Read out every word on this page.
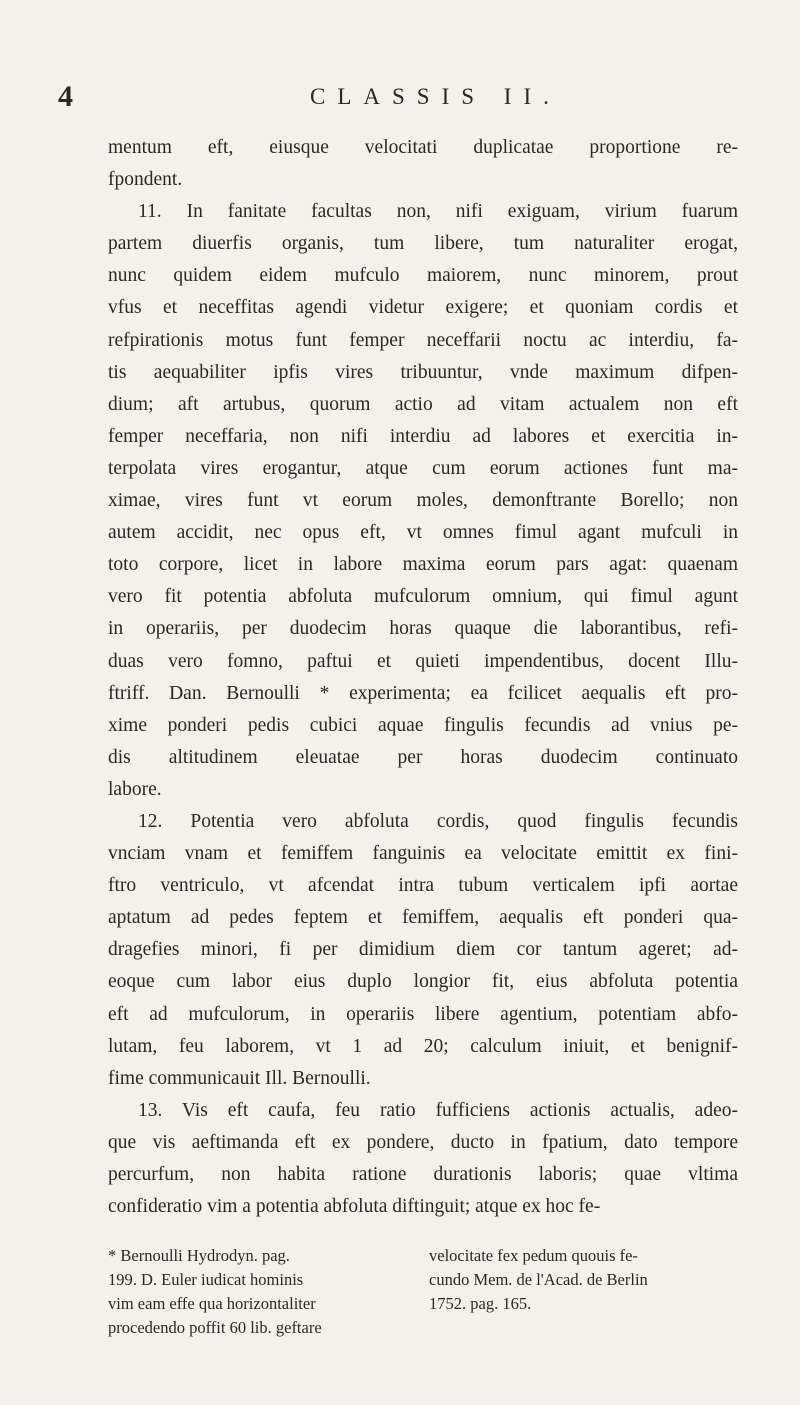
4	CLASSIS II.

mentum eft, eiusque velocitati duplicatae proportione re-
fpondent.

11. In fanitate facultas non, nifi exiguam, virium fuarum
partem diuerfis organis, tum libere, tum naturaliter erogat,
nunc quidem eidem mufculo maiorem, nunc minorem, prout
vfus et neceffitas agendi videtur exigere; et quoniam cordis et
refpirationis motus funt femper neceffarii noctu ac interdiu, fa-
tis aequabiliter ipfis vires tribuuntur, vnde maximum difpen-
dium; aft artubus, quorum actio ad vitam actualem non eft
femper neceffaria, non nifi interdiu ad labores et exercitia in-
terpolata vires erogantur, atque cum eorum actiones funt ma-
ximae, vires funt vt eorum moles, demonftrante Borello; non
autem accidit, nec opus eft, vt omnes fimul agant mufculi in
toto corpore, licet in labore maxima eorum pars agat: quaenam
vero fit potentia abfoluta mufculorum omnium, qui fimul agunt
in operariis, per duodecim horas quaque die laborantibus, refi-
duas vero fomno, paftui et quieti impendentibus, docent Illu-
ftriff. Dan. Bernoulli * experimenta; ea fcilicet aequalis eft pro-
xime ponderi pedis cubici aquae fingulis fecundis ad vnius pe-
dis altitudinem eleuatae per horas duodecim continuato
labore.

12. Potentia vero abfoluta cordis, quod fingulis fecundis
vnciam vnam et femiffem fanguinis ea velocitate emittit ex fini-
ftro ventriculo, vt afcendat intra tubum verticalem ipfi aortae
aptatum ad pedes feptem et femiffem, aequalis eft ponderi qua-
dragefies minori, fi per dimidium diem cor tantum ageret; ad-
eoque cum labor eius duplo longior fit, eius abfoluta potentia
eft ad mufculorum, in operariis libere agentium, potentiam abfo-
lutam, feu laborem, vt 1 ad 20; calculum iniuit, et benignif-
fime communicauit Ill. Bernoulli.

13. Vis eft caufa, feu ratio fufficiens actionis actualis, adeo-
que vis aeftimanda eft ex pondere, ducto in fpatium, dato tempore
percurfum, non habita ratione durationis laboris; quae vltima
confideratio vim a potentia abfoluta diftinguit; atque ex hoc fe-

* Bernoulli Hydrodyn. pag.
199. D. Euler iudicat hominis
vim eam effe qua horizontaliter
procedendo poffit 60 lib. geftare
velocitate fex pedum quouis fe-
cundo Mem. de l'Acad. de Berlin
1752. pag. 165.
